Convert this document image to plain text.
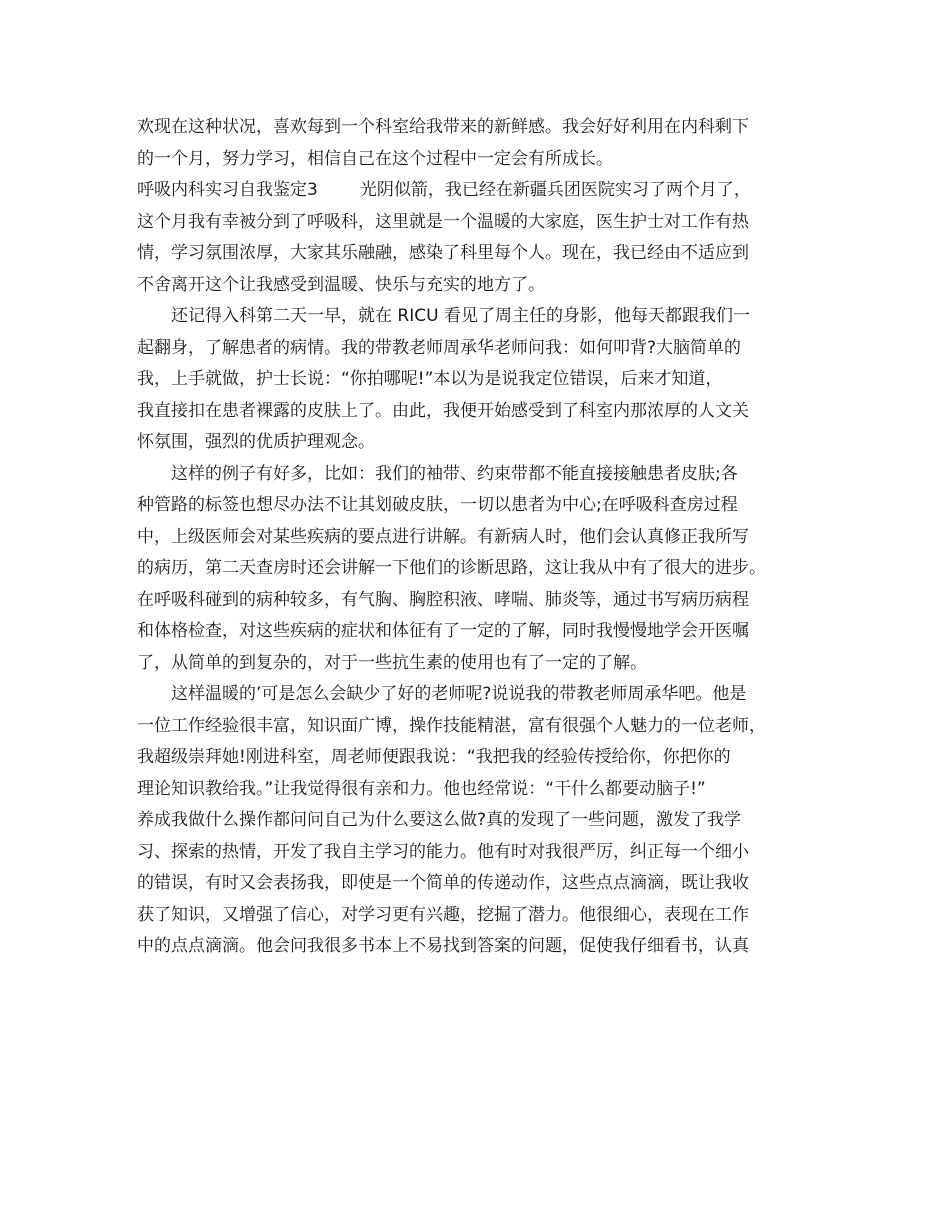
欢现在这种状况，喜欢每到一个科室给我带来的新鲜感。我会好好利用在内科剩下
的一个月，努力学习，相信自己在这个过程中一定会有所成长。

呼吸内科实习自我鉴定3 光阴似箭，我已经在新疆兵团医院实习了两个月了，
这个月我有幸被分到了呼吸科，这里就是一个温暖的大家庭，医生护士对工作有热
情，学习氛围浓厚，大家其乐融融，感染了科里每个人。现在，我已经由不适应到
不舍离开这个让我感受到温暖、快乐与充实的地方了。

还记得入科第二天一早，就在 RICU 看见了周主任的身影，他每天都跟我们一
起翻身，了解患者的病情。我的带教老师周承华老师问我：如何叩背?大脑简单的
我，上手就做，护士长说：“你拍哪呢!”本以为是说我定位错误，后来才知道，
我直接扣在患者裸露的皮肤上了。由此，我便开始感受到了科室内那浓厚的人文关
怀氛围，强烈的优质护理观念。

这样的例子有好多，比如：我们的袖带、约束带都不能直接接触患者皮肤;各
种管路的标签也想尽办法不让其划破皮肤，一切以患者为中心;在呼吸科查房过程
中，上级医师会对某些疾病的要点进行讲解。有新病人时，他们会认真修正我所写
的病历，第二天查房时还会讲解一下他们的诊断思路，这让我从中有了很大的进步。
在呼吸科碰到的病种较多，有气胸、胸腔积液、哮喘、肺炎等，通过书写病历病程
和体格检查，对这些疾病的症状和体征有了一定的了解，同时我慢慢地学会开医嘱
了，从简单的到复杂的，对于一些抗生素的使用也有了一定的了解。

这样温暖的’可是怎么会缺少了好的老师呢?说说我的带教老师周承华吧。他是
一位工作经验很丰富，知识面广博，操作技能精湛，富有很强个人魅力的一位老师，
我超级崇拜她!刚进科室，周老师便跟我说：“我把我的经验传授给你，你把你的
理论知识教给我。”让我觉得很有亲和力。他也经常说：“干什么都要动脑子!”
养成我做什么操作都问问自己为什么要这么做?真的发现了一些问题，激发了我学
习、探索的热情，开发了我自主学习的能力。他有时对我很严厉，纠正每一个细小
的错误，有时又会表扬我，即使是一个简单的传递动作，这些点点滴滴，既让我收
获了知识，又增强了信心，对学习更有兴趣，挖掘了潜力。他很细心，表现在工作
中的点点滴滴。他会问我很多书本上不易找到答案的问题，促使我仔细看书，认真
